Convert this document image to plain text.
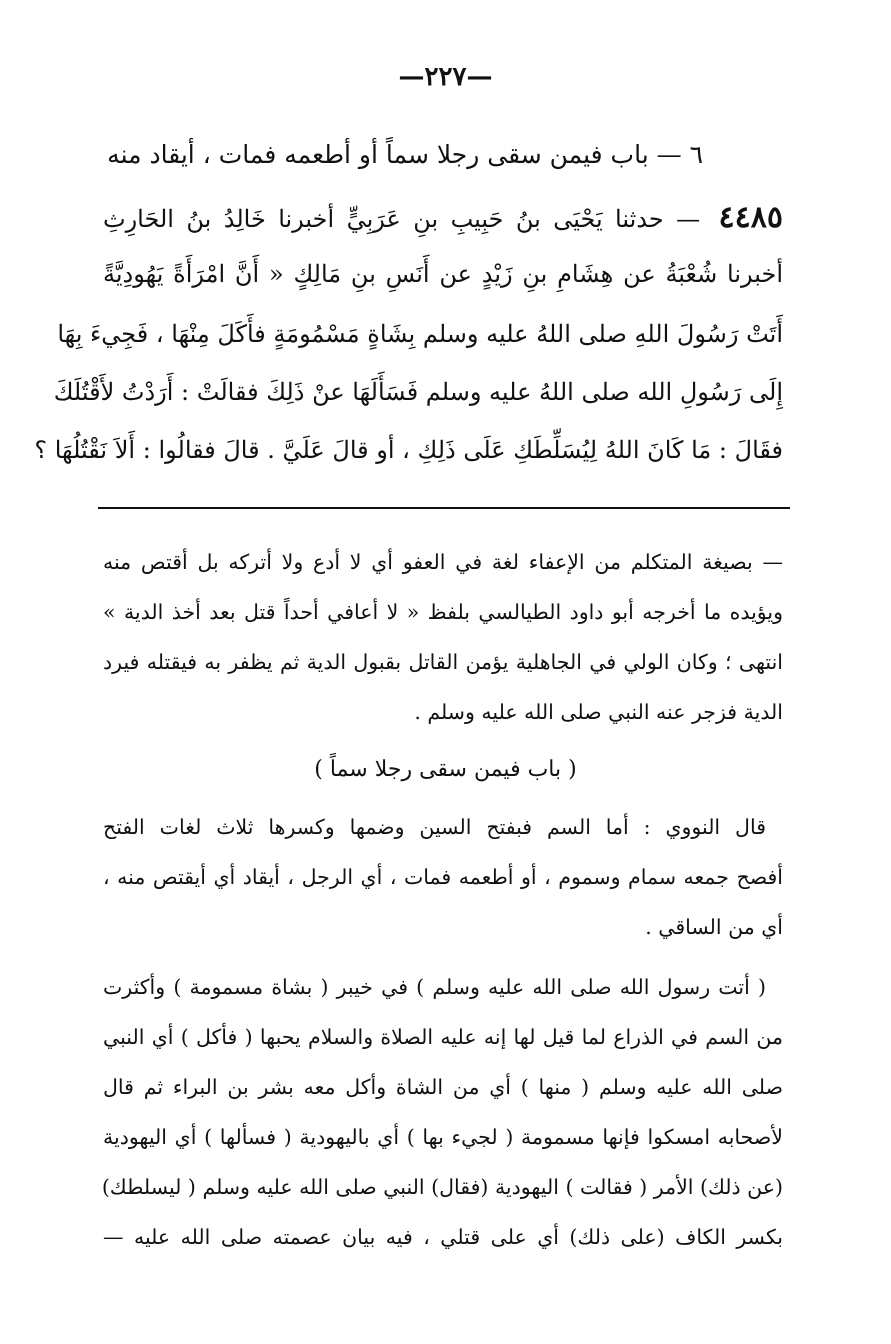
—٢٢٧—
٦ — باب فيمن سقى رجلا سماً أو أطعمه فمات ، أيقاد منه
٤٤٨٥ — حدثنا يَحْيَى بنُ حَبِيبِ بنِ عَرَبِيٍّ أخبرنا خَالِدُ بنُ الحَارِثِ
أخبرنا شُعْبَةُ عن هِشَامِ بنِ زَيْدٍ عن أَنَسِ بنِ مَالِكٍ « أَنَّ امْرَأَةً يَهُودِيَّةً
أَتَتْ رَسُولَ اللهِ صلى اللهُ عليه وسلم بِشَاةٍ مَسْمُومَةٍ فأَكَلَ مِنْهَا ، فَجِيءَ بِهَا
إِلَى رَسُولِ الله صلى اللهُ عليه وسلم فَسَأَلَهَا عنْ ذَلِكَ فقالَتْ : أَرَدْتُ لأَقْتُلَكَ
فقَالَ : مَا كَانَ اللهُ لِيُسَلِّطَكِ عَلَى ذَلِكِ ، أو قالَ عَلَيَّ . قالَ فقالُوا : أَلاَ نَقْتُلُهَا ؟
— بصيغة المتكلم من الإعفاء لغة في العفو أي لا أدع ولا أتركه بل أقتص منه
ويؤيده ما أخرجه أبو داود الطيالسي بلفظ « لا أعافي أحداً قتل بعد أخذ الدية »
انتهى ؛ وكان الولي في الجاهلية يؤمن القاتل بقبول الدية ثم يظفر به فيقتله فيرد
الدية فزجر عنه النبي صلى الله عليه وسلم .
( باب فيمن سقى رجلا سماً )
قال النووي : أما السم فبفتح السين وضمها وكسرها ثلاث لغات الفتح
أفصح جمعه سمام وسموم ، أو أطعمه فمات ، أي الرجل ، أيقاد أي أيقتص منه ،
أي من الساقي .
( أتت رسول الله صلى الله عليه وسلم ) في خيبر ( بشاة مسمومة ) وأكثرت
من السم في الذراع لما قيل لها إنه عليه الصلاة والسلام يحبها ( فأكل ) أي النبي
صلى الله عليه وسلم ( منها ) أي من الشاة وأكل معه بشر بن البراء ثم قال
لأصحابه امسكوا فإنها مسمومة ( لجيء بها ) أي باليهودية ( فسألها ) أي اليهودية
(عن ذلك) الأمر ( فقالت ) اليهودية (فقال) النبي صلى الله عليه وسلم ( ليسلطك)
بكسر الكاف (على ذلك) أي على قتلي ، فيه بيان عصمته صلى الله عليه —
